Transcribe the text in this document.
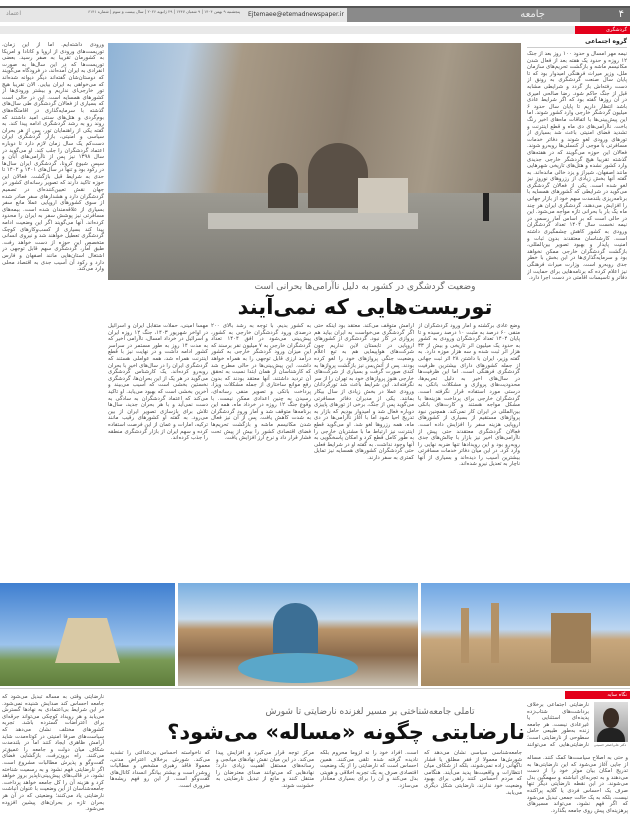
اعتماد	پنجشنبه ۹ بهمن ۱۴۰۴ | ۹ شعبان ۱۴۴۷ | ۲۹ ژانویه ۲۰۲۶ | سال بیست و سوم | شماره ۶۱۴۱	Ejtemaee@etemadnewspaper.ir	جامعه	۴
گردشگری
گروه اجتماعی
نیمه مهر امسال و حدود ۱۰۰ روز بعد از جنگ ۱۲ روزه و حدود یک هفته بعد از فعال شدن مکانیسم ماشه و بازگشت تحریم‌های سازمان ملل، وزیر میراث فرهنگی امیدوار بود که تا پایان سال صنعت گردشگری به رونق از دست رفته‌اش باز گردد و شرایطی مشابه قبل از جنگ حاکم شود. رضا صالحی امیری در آن روزها گفته بود که اگر شرایط عادی باشد انتظار داریم تا پایان سال حدود ۶ میلیون گردشگر خارجی وارد کشور شوند. اما این پیش‌بینی‌ها با اتفاقات ماه‌های اخیر رنگ باخت. ناآرامی‌های دی ماه و قطع اینترنت و تشدید فضای امنیتی باعث شد بسیاری از تورهای ورودی لغو شوند و دفاتر خدمات مسافرتی با موجی از کنسلی‌ها روبه‌رو شوند. فعالان این حوزه می‌گویند که در هفته‌های گذشته تقریبا هیچ گردشگر خارجی جدیدی وارد کشور نشده و هتل‌های تاریخی شهرهایی مانند اصفهان، شیراز و یزد خالی مانده‌اند. به گفته آنها بخش زیادی از رزروهای نوروز نیز لغو شده است. یکی از فعالان گردشگری می‌گوید در شرایطی که کشورهای همسایه با برنامه‌ریزی بلندمدت سهم خود از بازار جهانی را افزایش می‌دهند، گردشگری ایران هر چند ماه یک بار با بحرانی تازه مواجه می‌شود. این در حالی است که بر اساس آمار رسمی در نیمه نخست سال ۱۴۰۴ تعداد گردشگران ورودی به کشور کاهش چشمگیری داشته است. کارشناسان معتقدند بدون ثبات و امنیت پایدار و بهبود تصویر بین‌المللی، بازگشت گردشگران خارجی ممکن نخواهد بود و سرمایه‌گذاری‌ها در این بخش با خطر جدی روبه‌رو است. وزارت میراث فرهنگی نیز اعلام کرده که برنامه‌هایی برای حمایت از دفاتر و تاسیسات اقامتی در دست اجرا دارد.
ورودی داشته‌ایم. اما از این زمان، توریست‌های ورودی از اروپا و کانادا و امریکا به کشورمان تقریبا به صفر رسید. بعضی توریست‌ها که در این سال‌ها به صورت انفرادی به ایران آمده‌اند، در فرودگاه می‌گویند که دوستان‌شان گفته‌اند دیگر دیوانه شده‌اند که می‌خواهی به ایران بیایی. الان تقریبا هیچ تور خارجی‌ای نداریم و بیشتر ورودی‌ها از کشورهای همسایه است. این در حالی است که بسیاری از فعالان گردشگری طی سال‌های گذشته با سرمایه‌گذاری در اقامتگاه‌های بوم‌گردی و هتل‌های سنتی امید داشتند که روند رو به رشد گردشگری ادامه پیدا کند. به گفته یکی از راهنمایان تور، پس از هر بحران سیاسی و امنیتی، بازار گردشگری ایران دست‌کم یک سال زمان لازم دارد تا دوباره اعتماد گردشگران را جلب کند. او می‌گوید در سال ۱۳۹۸ نیز پس از ناآرامی‌های آبان و سپس شیوع کرونا، گردشگری ایران سال‌ها در رکود بود و تنها در سال‌های ۱۴۰۱ و ۱۴۰۲ تا حدی به شرایط قبل بازگشت. فعالان این حوزه تاکید دارند که تصویر رسانه‌ای کشور در جهان نقش تعیین‌کننده‌ای در تصمیم گردشگران دارد و هشدارهای سفر صادر شده از سوی کشورهای اروپایی عملا مانع سفر بسیاری از علاقه‌مندان شده است. بیمه‌های مسافرتی نیز پوشش سفر به ایران را محدود کرده‌اند. آنها می‌گویند اگر این وضعیت ادامه پیدا کند بسیاری از کسب‌وکارهای کوچک گردشگری تعطیل خواهند شد و نیروی انسانی متخصص این حوزه از دست خواهد رفت. طبق آمار، گردشگری سهم قابل توجهی در اشتغال استان‌هایی مانند اصفهان و فارس دارد و رکود آن آسیب جدی به اقتصاد محلی وارد می‌کند.
وضعیت گردشگری در کشور به دلیل ناآرامی‌ها بحرانی است
توریست‌هایی که نمی‌آیند
وضع عادی برگشته و آمار ورود گردشگران از منفی ۶۰ درصد به مثبت ۱۰ درصد رسیده و تا پایان ۱۴۰۴ تعداد گردشگران ورودی به کشور به حدود یک میلیون اثر تاریخی و بیش از ۳۳ هزار اثر ثبت شده و سه هزار موزه دارد. به گفته وزیر، ایران با داشتن ۲۸ اثر ثبت جهانی از جمله کشورهای دارای بیشترین ظرفیت گردشگری فرهنگی است. اما این ظرفیت‌ها در سال‌های اخیر به دلیل تحریم‌ها، محدودیت‌های پروازی و مشکلات بانکی به درستی مورد استفاده قرار نگرفته است. گردشگران خارجی برای پرداخت هزینه‌ها با مشکل مواجه هستند و کارت‌های بانکی بین‌المللی در ایران کار نمی‌کند. همچنین نبود پروازهای مستقیم از بسیاری از کشورهای اروپایی هزینه سفر را افزایش داده است. فعالان گردشگری معتقدند حتی پیش از ناآرامی‌های اخیر نیز بازار با چالش‌های جدی روبه‌رو بود و این رویدادها تنها ضربه نهایی را وارد کرد. در این میان دفاتر خدمات مسافرتی بیشترین آسیب را دیده‌اند و بسیاری از آنها ناچار به تعدیل نیرو شده‌اند.
آرامش متوقف می‌کند. معتقد بود اینکه حتی اگر گردشگری می‌خواست به ایران بیاید هم پروازی در کار نبود. گردشگری از کشورهای اروپایی در تابستان لاین نداریم چون شرکت‌های هواپیمایی هم به تبع اعلام وضعیت جنگی پروازهای خود را لغو کرده بودند. پس از آتش‌بس نیز بازگشت پروازها به کندی صورت گرفت و بسیاری از شرکت‌های خارجی هنوز پروازهای خود به تهران را از سر نگرفته‌اند. این شرایط باعث شد تورگردانان ورودی عملا در بخش زیادی از سال بیکار بمانند. یکی از مدیران دفاتر مسافرتی می‌گوید پس از جنگ، برخی از تورهای پاییزی دوباره فعال شد و امیدوار بودیم که بازار به تدریج احیا شود اما با آغاز ناآرامی‌ها در دی ماه، همه رزروها لغو شد. او می‌گوید قطع اینترنت نیز ارتباط ما با مشتریان خارجی را به طور کامل قطع کرد و امکان پاسخگویی به آنها وجود نداشت. به گفته او در شرایط فعلی حتی گردشگران کشورهای همسایه نیز تمایل کمتری به سفر دارند.
به کشور بدیم. با توجه به رشد بالای ۲۰۰ درصدی ورود گردشگران خارجی به کشور، پیش‌بینی می‌شود در افق ۱۴۰۴ تعداد گردشگران خارجی به ۷ میلیون نفر برسند که این میزان ورود گردشگر خارجی به کشور درآمد ارزی قابل توجهی را به همراه خواهد داشت. این پیش‌بینی‌ها در حالی مطرح شد که کارشناسان از همان ابتدا نسبت به تحقق آن تردید داشتند. آنها معتقد بودند که بدون رفع موانع ساختاری از جمله مشکلات ویزا، پرداخت بانکی و تصویر منفی رسانه‌ای، رسیدن به چنین اعدادی ممکن نیست. با وقوع جنگ ۱۲ روزه در خرداد ماه، همه این برنامه‌ها متوقف شد و آمار ورود گردشگران به شدت کاهش یافت. پس از آن نیز فعال شدن مکانیسم ماشه و بازگشت تحریم‌ها فضای اقتصادی کشور را بیش از پیش تحت فشار قرار داد و نرخ ارز افزایش یافت.
مهسا امینی، حملات متقابل ایران و اسرائیل در اواخر شهریور ۱۴۰۳، جنگ ۱۲ روزه ایران و اسرائیل در خرداد امسال، ناآرامی اخیر که به مدت ۱۴ روز به طور مستمر در سراسر کشور ادامه داشت و در نهایت نیز با قطع اینترنت همراه شد، همه عواملی هستند که گردشگری ایران را در سال‌های اخیر با بحران روبه‌رو کرده‌اند. یک کارشناس گردشگری می‌گوید در هر یک از این بحران‌ها، گردشگری نخستین بخشی است که آسیب می‌بیند و آخرین بخشی است که بهبود می‌یابد. او تاکید می‌کند که اعتماد گردشگران به سادگی به دست نمی‌آید و با هر بحران جدید، سال‌ها تلاش برای بازسازی تصویر ایران از بین می‌رود. به گفته او کشورهای رقیب مانند ترکیه، امارات و عمان از این فرصت استفاده کرده و سهم ایران از بازار گردشگری منطقه را جذب کرده‌اند.
نگاه سایه
دکتر علی‌اصغر حسینی
نارضایتی اجتماعی برخلاف برداشت‌های شتاب‌زده پدیده‌ای استثنایی یا غیرعادی نیست. هر جامعه زنده به‌طور طبیعی حامل سطوحی از نارضایتی است؛ نارضایتی‌هایی که می‌توانند
و حتی به اصلاح سیاست‌ها کمک کنند. مساله از جایی آغاز می‌شود که این نارضایتی‌ها به تدریج امکان بیان موثر خود را از دست می‌دهند و به تجربه‌ای انباشته و سهمگین بدل می‌شوند. در این نقطه نارضایتی دیگر تنها صرف یک احساس فردی یا گلایه پراکنده نیست، بلکه به یک حالت جمعی تبدیل می‌شود که اگر فهم نشود، می‌تواند مسیرهای پرهزینه‌ای پیش روی جامعه بگذارد.
تاملی جامعه‌شناختی بر مسیر لغزنده نارضایتی تا شورش
نارضایتی چگونه «مساله» می‌شود؟
جامعه‌شناسی سیاسی نشان می‌دهد که شورش‌ها معمولا از فقر مطلق یا فشار ناگهانی زاده نمی‌شوند، بلکه از شکاف میان انتظارات و واقعیت‌ها پدید می‌آیند. هنگامی که مردم احساس کنند راهی برای بهبود وضعیت خود ندارند، نارضایتی شکل دیگری می‌یابد.
است. افراد خود را نه لزوما محروم بلکه نادیده گرفته شده تلقی می‌کنند. همین احساس است که نارضایتی را از یک وضعیت اقتصادی صرف به یک تجربه اخلاقی و هویتی بدل می‌کند و آن را برای بسیاری معنادار می‌سازد.
مرکز توجه قرار می‌گیرد و افزایش پیدا می‌کند. در این میان نقش نهادهای میانجی و رسانه‌های مستقل اهمیت زیادی دارد؛ نهادهایی که می‌توانند صدای معترضان را منتقل کنند و مانع از تبدیل نارضایتی به خشونت شوند.
که ناخواسته احساس بی‌عدالتی را تشدید می‌کند. شورش برخلاف اعتراض مدنی، معمولا فاقد رهبری مشخص و مطالبات روشن است و بیشتر بیانگر انسداد کانال‌های گفت‌وگو است. از این رو فهم ریشه‌ها ضروری است.
نارضایتی وقتی به مساله تبدیل می‌شود که جامعه احساس کند صدایش شنیده نمی‌شود. در این شرایط بی‌اعتمادی به نهادها گسترش می‌یابد و هر رویداد کوچکی می‌تواند جرقه‌ای برای اعتراضات گسترده باشد. تجربه کشورهای مختلف نشان می‌دهد که سیاست‌های صرفا امنیتی در کوتاه‌مدت شاید آرامش ظاهری ایجاد کنند اما در بلندمدت شکاف میان دولت و جامعه را عمیق‌تر می‌کنند. راه برون‌رفت، بازگشایی فضای گفت‌وگو و پذیرش مطالبات مشروع است. اگر نارضایتی فهم نشود و به رسمیت شناخته نشود، در قالب‌های پیش‌بینی‌ناپذیر بروز خواهد کرد و هزینه آن را کل جامعه خواهد پرداخت. جامعه‌شناسان از این وضعیت با عنوان انباشت نارضایتی یاد می‌کنند؛ وضعیتی که در آن هر بحران تازه بر بحران‌های پیشین افزوده می‌شود.
